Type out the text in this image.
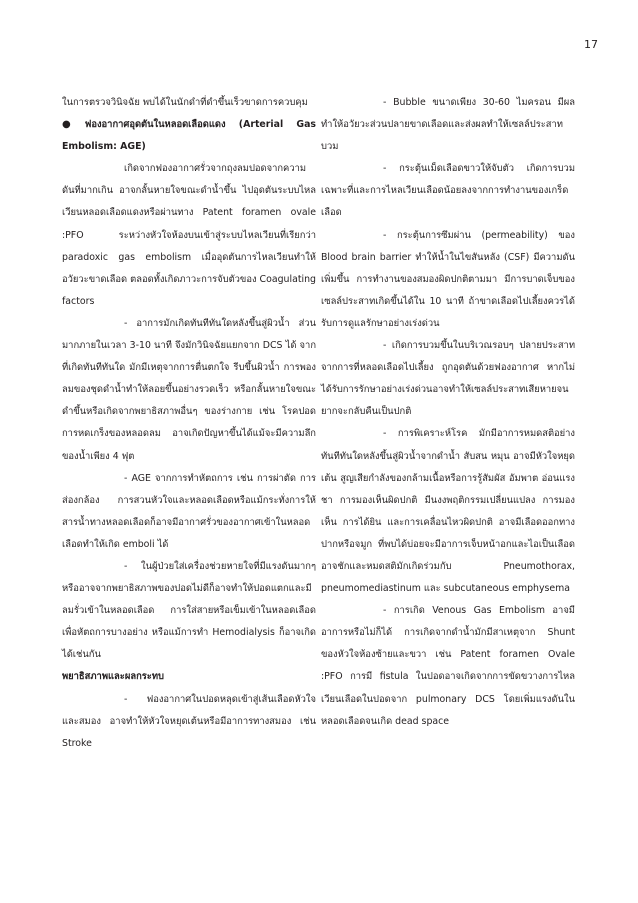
17

ในการตรวจวินิจฉัย พบได้ในนักดำที่ดำขึ้นเร็วขาดการควบคุม

● ฟองอากาศอุดตันในหลอดเลือดแดง (Arterial Gas Embolism: AGE)

เกิดจากฟองอากาศรั่วจากถุงลมปอดจากความดันที่มากเกิน อาจกลั้นหายใจขณะดำน้ำขึ้น ไปอุดตันระบบไหลเวียนหลอดเลือดแดงหรือผ่านทาง Patent foramen ovale :PFO ระหว่างหัวใจห้องบนเข้าสู่ระบบไหลเวียนที่เรียกว่า paradoxic gas embolism เมื่ออุดตันการไหลเวียนทำให้อวัยวะขาดเลือด ตลอดทั้งเกิดภาวะการจับตัวของ Coagulating factors

- อาการมักเกิดทันทีทันใดหลังขึ้นสู่ผิวน้ำ ส่วนมากภายในเวลา 3-10 นาที จึงมักวินิจฉัยแยกจาก DCS ได้ จากที่เกิดทันทีทันใด มักมีเหตุจากการตื่นตกใจ รีบขึ้นผิวน้ำ การพองลมของชุดดำน้ำทำให้ลอยขึ้นอย่างรวดเร็ว หรือกลั้นหายใจขณะดำขึ้นหรือเกิดจากพยาธิสภาพอื่นๆ ของร่างกาย เช่น โรคปอด การหดเกร็งของหลอดลม อาจเกิดปัญหาขึ้นได้แม้จะมีความลึกของน้ำเพียง 4 ฟุต

- AGE จากการทำหัตถการ เช่น การผ่าตัด การส่องกล้อง การสวนหัวใจและหลอดเลือดหรือแม้กระทั่งการให้สารน้ำทางหลอดเลือดก็อาจมีอากาศรั่วของอากาศเข้าในหลอดเลือดทำให้เกิด emboli ได้

- ในผู้ป่วยใส่เครื่องช่วยหายใจที่มีแรงดันมากๆ หรืออาจจากพยาธิสภาพของปอดไม่ดีก็อาจทำให้ปอดแตกและมีลมรั่วเข้าในหลอดเลือด การใส่สายหรือเข็มเข้าในหลอดเลือดเพื่อหัตถการบางอย่าง หรือแม้การทำ Hemodialysis ก็อาจเกิดได้เช่นกัน

พยาธิสภาพและผลกระทบ

- ฟองอากาศในปอดหลุดเข้าสู่เส้นเลือดหัวใจและสมอง อาจทำให้หัวใจหยุดเต้นหรือมีอาการทางสมอง เช่น Stroke

- Bubble ขนาดเพียง 30-60 ไมครอน มีผลทำให้อวัยวะส่วนปลายขาดเลือดและส่งผลทำให้เซลล์ประสาทบวม

- กระตุ้นเม็ดเลือดขาวให้จับตัว เกิดการบวมเฉพาะที่และการไหลเวียนเลือดน้อยลงจากการทำงานของเกร็ดเลือด

- กระตุ้นการซึมผ่าน (permeability) ของ Blood brain barrier ทำให้น้ำในไขสันหลัง (CSF) มีความดันเพิ่มขึ้น การทำงานของสมองผิดปกติตามมา มีการบาดเจ็บของเซลล์ประสาทเกิดขึ้นได้ใน 10 นาที ถ้าขาดเลือดไปเลี้ยงควรได้รับการดูแลรักษาอย่างเร่งด่วน

- เกิดการบวมขึ้นในบริเวณรอบๆ ปลายประสาทจากการที่หลอดเลือดไปเลี้ยง ถูกอุดตันด้วยฟองอากาศ หากไม่ได้รับการรักษาอย่างเร่งด่วนอาจทำให้เซลล์ประสาทเสียหายจนยากจะกลับคืนเป็นปกติ

- การพิเคราะห์โรค มักมีอาการหมดสติอย่างทันทีทันใดหลังขึ้นสู่ผิวน้ำจากดำน้ำ สับสน หมุน อาจมีหัวใจหยุดเต้น สูญเสียกำลังของกล้ามเนื้อหรือการรู้สัมผัส อัมพาต อ่อนแรง ชา การมองเห็นผิดปกติ มีนงงพฤติกรรมเปลี่ยนแปลง การมองเห็น การได้ยิน และการเคลื่อนไหวผิดปกติ อาจมีเลือดออกทางปากหรือจมูก ที่พบได้บ่อยจะมีอาการเจ็บหน้าอกและไอเป็นเลือด อาจชักและหมดสติมักเกิดร่วมกับ Pneumothorax, pneumomediastinum และ subcutaneous emphysema

- การเกิด Venous Gas Embolism อาจมีอาการหรือไม่ก็ได้ การเกิดจากดำน้ำมักมีสาเหตุจาก Shunt ของหัวใจห้องซ้ายและขวา เช่น Patent foramen Ovale :PFO การมี fistula ในปอดอาจเกิดจากการขัดขวางการไหลเวียนเลือดในปอดจาก pulmonary DCS โดยเพิ่มแรงดันในหลอดเลือดจนเกิด dead space
